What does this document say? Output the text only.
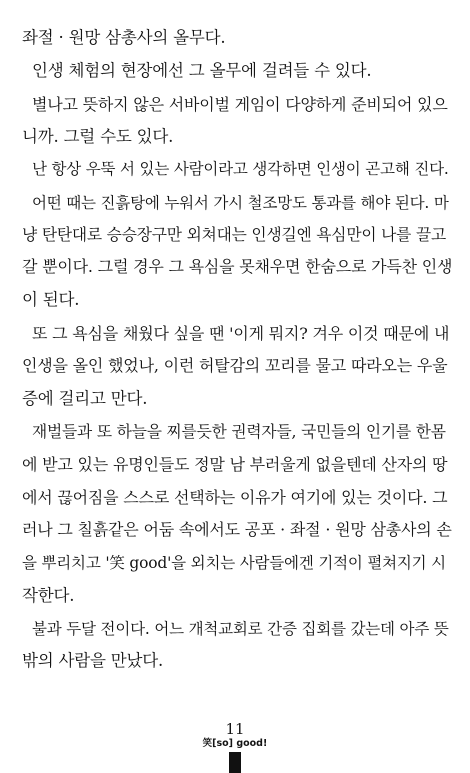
좌절 · 원망 삼총사의 올무다.
인생 체험의 현장에선 그 올무에 걸려들 수 있다.
별나고 뜻하지 않은 서바이벌 게임이 다양하게 준비되어 있으
니까. 그럴 수도 있다.
난 항상 우뚝 서 있는 사람이라고 생각하면 인생이 곤고해 진다.
어떤 때는 진흙탕에 누워서 가시 철조망도 통과를 해야 된다. 마
냥 탄탄대로 승승장구만 외쳐대는 인생길엔 욕심만이 나를 끌고
갈 뿐이다. 그럴 경우 그 욕심을 못채우면 한숨으로 가득찬 인생
이 된다.
또 그 욕심을 채웠다 싶을 땐 '이게 뭐지? 겨우 이것 때문에 내
인생을 올인 했었나, 이런 허탈감의 꼬리를 물고 따라오는 우울
증에 걸리고 만다.
재벌들과 또 하늘을 찌를듯한 권력자들, 국민들의 인기를 한몸
에 받고 있는 유명인들도 정말 남 부러울게 없을텐데 산자의 땅
에서 끊어짐을 스스로 선택하는 이유가 여기에 있는 것이다. 그
러나 그 칠흙같은 어둠 속에서도 공포 · 좌절 · 원망 삼총사의 손
을 뿌리치고 '笑 good'을 외치는 사람들에겐 기적이 펼쳐지기 시
작한다.
불과 두달 전이다. 어느 개척교회로 간증 집회를 갔는데 아주 뜻
밖의 사람을 만났다.
11
笑[so] good!
